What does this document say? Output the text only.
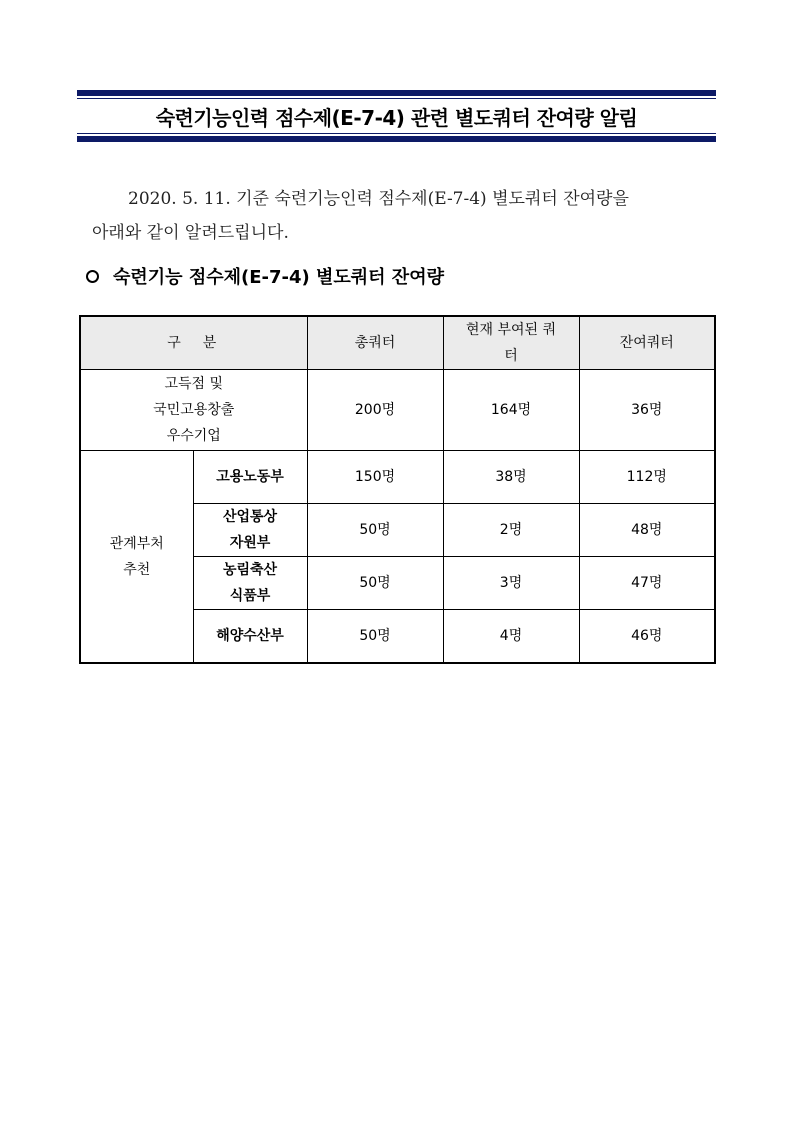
숙련기능인력 점수제(E-7-4) 관련 별도쿼터 잔여량 알림
2020. 5. 11. 기준 숙련기능인력 점수제(E-7-4) 별도쿼터 잔여량을
아래와 같이 알려드립니다.
숙련기능 점수제(E-7-4) 별도쿼터 잔여량
구분		총쿼터	현재 부여된 쿼터	잔여쿼터

고득점 및
국민고용창출
우수기업		200명	164명	36명

관계부처
추천	고용노동부	150명	38명	112명

	산업통상
자원부	50명	2명	48명

	농림축산
식품부	50명	3명	47명

	해양수산부	50명	4명	46명
